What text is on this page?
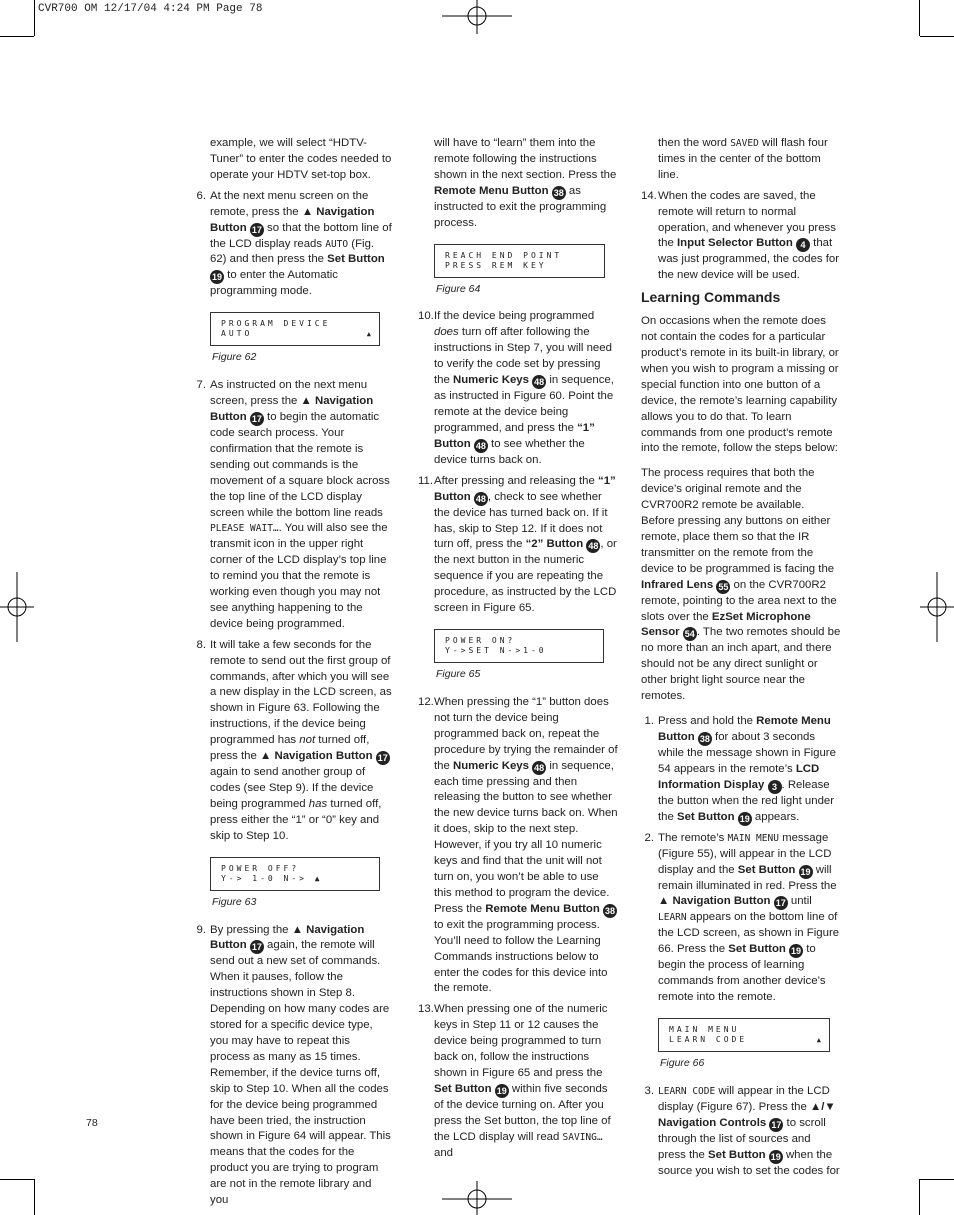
CVR700 OM 12/17/04 4:24 PM Page 78

example, we will select “HDTV-Tuner” to enter the codes needed to operate your HDTV set-top box.

6. At the next menu screen on the remote, press the ▲ Navigation Button 17 so that the bottom line of the LCD display reads AUTO (Fig. 62) and then press the Set Button 19 to enter the Automatic programming mode.
PROGRAM DEVICE
AUTO	▲
Figure 62
7. As instructed on the next menu screen, press the ▲ Navigation Button 17 to begin the automatic code search process. Your confirmation that the remote is sending out commands is the movement of a square block across the top line of the LCD display screen while the bottom line reads PLEASE WAIT…. You will also see the transmit icon in the upper right corner of the LCD display’s top line to remind you that the remote is working even though you may not see anything happening to the device being programmed.
8. It will take a few seconds for the remote to send out the first group of commands, after which you will see a new display in the LCD screen, as shown in Figure 63. Following the instructions, if the device being programmed has not turned off, press the ▲ Navigation Button 17 again to send another group of codes (see Step 9). If the device being programmed has turned off, press either the “1” or “0” key and skip to Step 10.
POWER OFF?
Y-> 1-0 N-> ▲
Figure 63
9. By pressing the ▲ Navigation Button 17 again, the remote will send out a new set of commands. When it pauses, follow the instructions shown in Step 8. Depending on how many codes are stored for a specific device type, you may have to repeat this process as many as 15 times. Remember, if the device turns off, skip to Step 10. When all the codes for the device being programmed have been tried, the instruction shown in Figure 64 will appear. This means that the codes for the product you are trying to program are not in the remote library and you

will have to “learn” them into the remote following the instructions shown in the next section. Press the Remote Menu Button 38 as instructed to exit the programming process.

REACH END POINT
PRESS REM KEY
Figure 64
10. If the device being programmed does turn off after following the instructions in Step 7, you will need to verify the code set by pressing the Numeric Keys 48 in sequence, as instructed in Figure 60. Point the remote at the device being programmed, and press the “1” Button 48 to see whether the device turns back on.
11. After pressing and releasing the “1” Button 48 , check to see whether the device has turned back on. If it has, skip to Step 12. If it does not turn off, press the “2” Button 48 , or the next button in the numeric sequence if you are repeating the procedure, as instructed by the LCD screen in Figure 65.
POWER ON?
Y->SET N->1-0
Figure 65
12. When pressing the “1” button does not turn the device being programmed back on, repeat the procedure by trying the remainder of the Numeric Keys 48 in sequence, each time pressing and then releasing the button to see whether the new device turns back on. When it does, skip to the next step. However, if you try all 10 numeric keys and find that the unit will not turn on, you won’t be able to use this method to program the device. Press the Remote Menu Button 38 to exit the programming process. You’ll need to follow the Learning Commands instructions below to enter the codes for this device into the remote.
13. When pressing one of the numeric keys in Step 11 or 12 causes the device being programmed to turn back on, follow the instructions shown in Figure 65 and press the Set Button 19 within five seconds of the device turning on. After you press the Set button, the top line of the LCD display will read SAVING… and

then the word SAVED will flash four times in the center of the bottom line.

14. When the codes are saved, the remote will return to normal operation, and whenever you press the Input Selector Button 4 that was just programmed, the codes for the new device will be used.
Learning Commands

On occasions when the remote does not contain the codes for a particular product’s remote in its built-in library, or when you wish to program a missing or special function into one button of a device, the remote’s learning capability allows you to do that. To learn commands from one product’s remote into the remote, follow the steps below:

The process requires that both the device’s original remote and the CVR700R2 remote be available. Before pressing any buttons on either remote, place them so that the IR transmitter on the remote from the device to be programmed is facing the Infrared Lens 55 on the CVR700R2 remote, pointing to the area next to the slots over the EzSet Microphone Sensor 54 . The two remotes should be no more than an inch apart, and there should not be any direct sunlight or other bright light source near the remotes.

1. Press and hold the Remote Menu Button 38 for about 3 seconds while the message shown in Figure 54 appears in the remote’s LCD Information Display 3 . Release the button when the red light under the Set Button 19 appears.
2. The remote’s MAIN MENU message (Figure 55), will appear in the LCD display and the Set Button 19 will remain illuminated in red. Press the ▲ Navigation Button 17 until LEARN appears on the bottom line of the LCD screen, as shown in Figure 66. Press the Set Button 19 to begin the process of learning commands from another device’s remote into the remote.
MAIN MENU
LEARN CODE	▲
Figure 66
3. LEARN CODE will appear in the LCD display (Figure 67). Press the ▲/▼ Navigation Controls 17 to scroll through the list of sources and press the Set Button 19 when the source you wish to set the codes for
78
